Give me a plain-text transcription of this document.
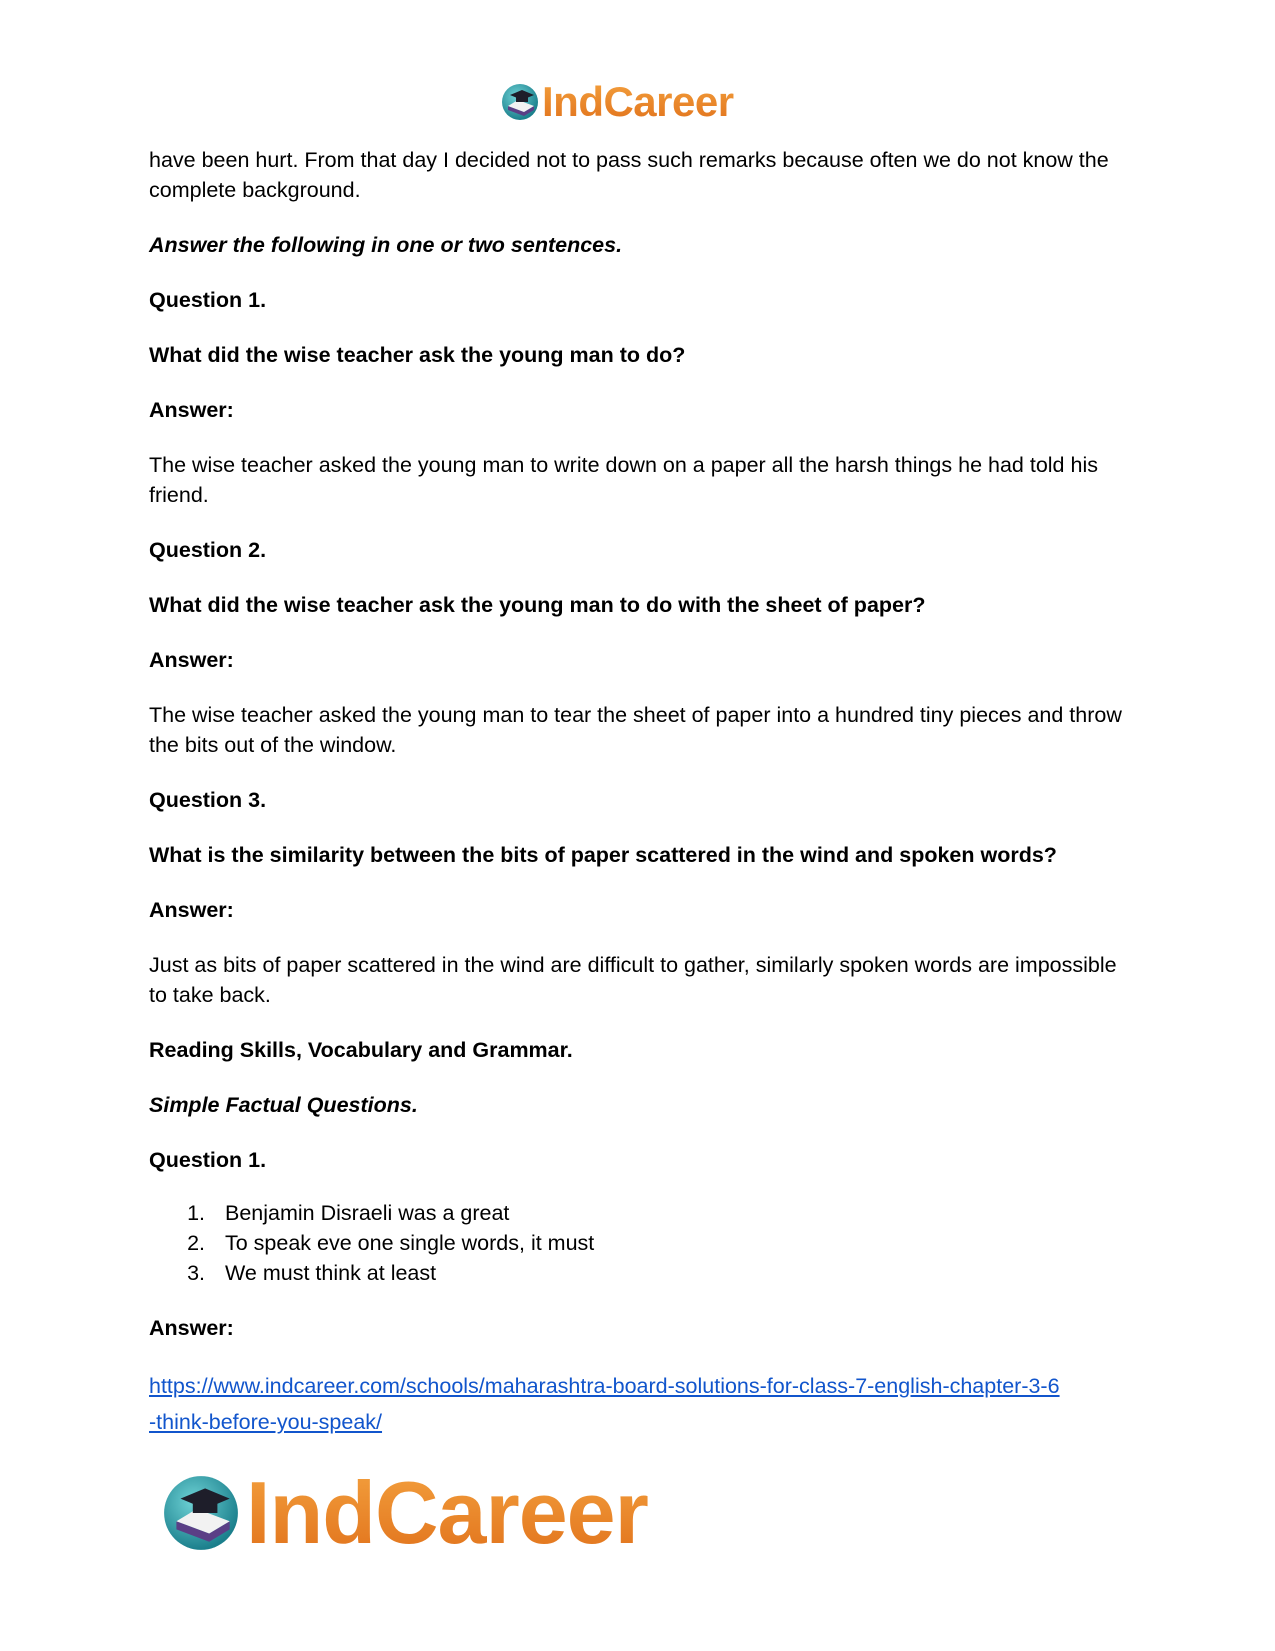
IndCareer

have been hurt. From that day I decided not to pass such remarks because often we do not know the complete background.

Answer the following in one or two sentences.

Question 1.

What did the wise teacher ask the young man to do?

Answer:

The wise teacher asked the young man to write down on a paper all the harsh things he had told his friend.

Question 2.

What did the wise teacher ask the young man to do with the sheet of paper?

Answer:

The wise teacher asked the young man to tear the sheet of paper into a hundred tiny pieces and throw the bits out of the window.

Question 3.

What is the similarity between the bits of paper scattered in the wind and spoken words?

Answer:

Just as bits of paper scattered in the wind are difficult to gather, similarly spoken words are impossible to take back.

Reading Skills, Vocabulary and Grammar.

Simple Factual Questions.

Question 1.

1. Benjamin Disraeli was a great
2. To speak eve one single words, it must
3. We must think at least

Answer:

https://www.indcareer.com/schools/maharashtra-board-solutions-for-class-7-english-chapter-3-6
-think-before-you-speak/
IndCareer
